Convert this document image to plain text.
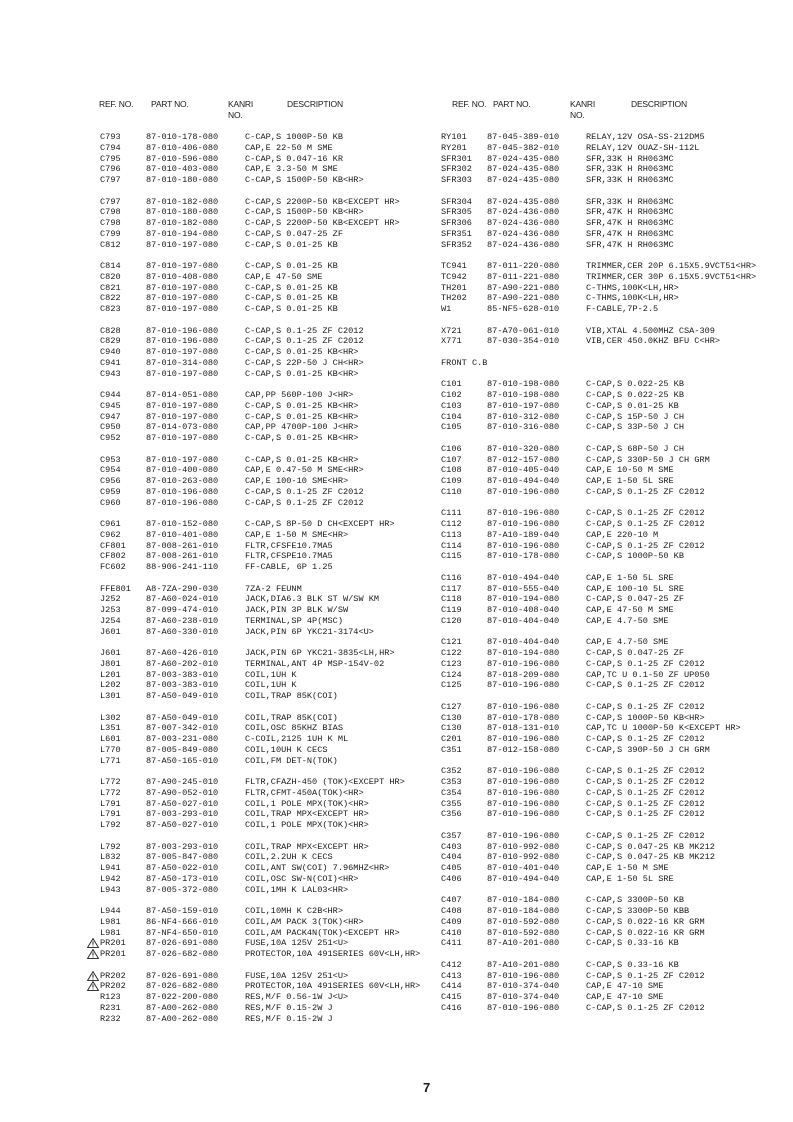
REF. NO. PART NO.	KANRI
NO.
DESCRIPTION	REF. NO. PART NO.	KANRI
NO.
DESCRIPTION
C793	87-010-178-080	C-CAP,S 1000P-50 KB
C794	87-010-406-080	CAP,E 22-50 M SME
C795	87-010-596-080	C-CAP,S 0.047-16 KR
C796	87-010-403-080	CAP,E 3.3-50 M SME
C797	87-010-180-080	C-CAP,S 1500P-50 KB<HR>
C797	87-010-182-080	C-CAP,S 2200P-50 KB<EXCEPT HR>
C798	87-010-180-080	C-CAP,S 1500P-50 KB<HR>
C798	87-010-182-080	C-CAP,S 2200P-50 KB<EXCEPT HR>
C799	87-010-194-080	C-CAP,S 0.047-25 ZF
C812	87-010-197-080	C-CAP,S 0.01-25 KB
C814	87-010-197-080	C-CAP,S 0.01-25 KB
C820	87-010-408-080	CAP,E 47-50 SME
C821	87-010-197-080	C-CAP,S 0.01-25 KB
C822	87-010-197-080	C-CAP,S 0.01-25 KB
C823	87-010-197-080	C-CAP,S 0.01-25 KB
C828	87-010-196-080	C-CAP,S 0.1-25 ZF C2012
C829	87-010-196-080	C-CAP,S 0.1-25 ZF C2012
C940	87-010-197-080	C-CAP,S 0.01-25 KB<HR>
C941	87-010-314-080	C-CAP,S 22P-50 J CH<HR>
C943	87-010-197-080	C-CAP,S 0.01-25 KB<HR>
C944	87-014-051-080	CAP,PP 560P-100 J<HR>
C945	87-010-197-080	C-CAP,S 0.01-25 KB<HR>
C947	87-010-197-080	C-CAP,S 0.01-25 KB<HR>
C950	87-014-073-080	CAP,PP 4700P-100 J<HR>
C952	87-010-197-080	C-CAP,S 0.01-25 KB<HR>
C953	87-010-197-080	C-CAP,S 0.01-25 KB<HR>
C954	87-010-400-080	CAP,E 0.47-50 M SME<HR>
C956	87-010-263-080	CAP,E 100-10 SME<HR>
C959	87-010-196-080	C-CAP,S 0.1-25 ZF C2012
C960	87-010-196-080	C-CAP,S 0.1-25 ZF C2012
C961	87-010-152-080	C-CAP,S 8P-50 D CH<EXCEPT HR>
C962	87-010-401-080	CAP,E 1-50 M SME<HR>
CF801 87-008-261-010	FLTR,CFSFE10.7MA5
CF802 87-008-261-010	FLTR,CFSPE10.7MA5
FC602 88-906-241-110	FF-CABLE, 6P 1.25
FFE801 A8-7ZA-290-030	7ZA-2 FEUNM
J252	87-A60-024-010	JACK,DIA6.3 BLK ST W/SW KM
J253	87-099-474-010	JACK,PIN 3P BLK W/SW
J254	87-A60-238-010	TERMINAL,SP 4P(MSC)
J601	87-A60-330-010	JACK,PIN 6P YKC21-3174<U>
J601	87-A60-426-010	JACK,PIN 6P YKC21-3835<LH,HR>
J801	87-A60-202-010	TERMINAL,ANT 4P MSP-154V-02
L201	87-003-383-010	COIL,1UH K
L202	87-003-383-010	COIL,1UH K
L301	87-A50-049-010	COIL,TRAP 85K(COI)
L302	87-A50-049-010	COIL,TRAP 85K(COI)
L351	87-007-342-010	COIL,OSC 85KHZ BIAS
L601	87-003-231-080	C-COIL,2125 1UH K ML
L770	87-005-849-080	COIL,10UH K CECS
L771	87-A50-165-010	COIL,FM DET-N(TOK)
L772	87-A90-245-010	FLTR,CFAZH-450 (TOK)<EXCEPT HR>
L772	87-A90-052-010	FLTR,CFMT-450A(TOK)<HR>
L791	87-A50-027-010	COIL,1 POLE MPX(TOK)<HR>
L791	87-003-293-010	COIL,TRAP MPX<EXCEPT HR>
L792	87-A50-027-010	COIL,1 POLE MPX(TOK)<HR>
L792	87-003-293-010	COIL,TRAP MPX<EXCEPT HR>
L832	87-005-847-080	COIL,2.2UH K CECS
L941	87-A50-022-010	COIL,ANT SW(COI) 7.96MHZ<HR>
L942	87-A50-173-010	COIL,OSC SW-N(COI)<HR>
L943	87-005-372-080	COIL,1MH K LAL03<HR>
L944	87-A50-159-010	COIL,10MH K C2B<HR>
L981	86-NF4-666-010	COIL,AM PACK 3(TOK)<HR>
L981	87-NF4-650-010	COIL,AM PACK4N(TOK)<EXCEPT HR>
PR201 87-026-691-080	FUSE,10A 125V 251<U>
PR201 87-026-682-080	PROTECTOR,10A 491SERIES 60V<LH,HR>
PR202 87-026-691-080	FUSE,10A 125V 251<U>
PR202 87-026-682-080	PROTECTOR,10A 491SERIES 60V<LH,HR>
R123	87-022-200-080	RES,M/F 0.56-1W J<U>
R231	87-A00-262-080	RES,M/F 0.15-2W J
R232	87-A00-262-080	RES,M/F 0.15-2W J
RY101 87-045-389-010	RELAY,12V OSA-SS-212DM5
RY201 87-045-382-010	RELAY,12V OUAZ-SH-112L
SFR301 87-024-435-080	SFR,33K H RH063MC
SFR302 87-024-435-080	SFR,33K H RH063MC
SFR303 87-024-435-080	SFR,33K H RH063MC
SFR304 87-024-435-080	SFR,33K H RH063MC
SFR305 87-024-436-080	SFR,47K H RH063MC
SFR306 87-024-436-080	SFR,47K H RH063MC
SFR351 87-024-436-080	SFR,47K H RH063MC
SFR352 87-024-436-080	SFR,47K H RH063MC
TC941 87-011-220-080	TRIMMER,CER 20P 6.15X5.9VCT51<HR>
TC942 87-011-221-080	TRIMMER,CER 30P 6.15X5.9VCT51<HR>
TH201 87-A90-221-080	C-THMS,100K<LH,HR>
TH202 87-A90-221-080	C-THMS,100K<LH,HR>
W1	85-NF5-628-010	F-CABLE,7P-2.5
X721	87-A70-061-010	VIB,XTAL 4.500MHZ CSA-309
X771	87-030-354-010	VIB,CER 450.0KHZ BFU C<HR>
FRONT C.B
C101	87-010-198-080	C-CAP,S 0.022-25 KB
C102	87-010-198-080	C-CAP,S 0.022-25 KB
C103	87-010-197-080	C-CAP,S 0.01-25 KB
C104	87-010-312-080	C-CAP,S 15P-50 J CH
C105	87-010-316-080	C-CAP,S 33P-50 J CH
C106	87-010-320-080	C-CAP,S 68P-50 J CH
C107	87-012-157-080	C-CAP,S 330P-50 J CH GRM
C108	87-010-405-040	CAP,E 10-50 M SME
C109	87-010-494-040	CAP,E 1-50 5L SRE
C110	87-010-196-080	C-CAP,S 0.1-25 ZF C2012
C111	87-010-196-080	C-CAP,S 0.1-25 ZF C2012
C112	87-010-196-080	C-CAP,S 0.1-25 ZF C2012
C113	87-A10-189-040	CAP,E 220-10 M
C114	87-010-196-080	C-CAP,S 0.1-25 ZF C2012
C115	87-010-178-080	C-CAP,S 1000P-50 KB
C116	87-010-494-040	CAP,E 1-50 5L SRE
C117	87-010-555-040	CAP,E 100-10 5L SRE
C118	87-010-194-080	C-CAP,S 0.047-25 ZF
C119	87-010-408-040	CAP,E 47-50 M SME
C120	87-010-404-040	CAP,E 4.7-50 SME
C121	87-010-404-040	CAP,E 4.7-50 SME
C122	87-010-194-080	C-CAP,S 0.047-25 ZF
C123	87-010-196-080	C-CAP,S 0.1-25 ZF C2012
C124	87-018-209-080	CAP,TC U 0.1-50 ZF UP050
C125	87-010-196-080	C-CAP,S 0.1-25 ZF C2012
C127	87-010-196-080	C-CAP,S 0.1-25 ZF C2012
C130	87-010-178-080	C-CAP,S 1000P-50 KB<HR>
C130	87-018-131-010	CAP,TC U 1000P-50 K<EXCEPT HR>
C201	87-010-196-080	C-CAP,S 0.1-25 ZF C2012
C351	87-012-158-080	C-CAP,S 390P-50 J CH GRM
C352	87-010-196-080	C-CAP,S 0.1-25 ZF C2012
C353	87-010-196-080	C-CAP,S 0.1-25 ZF C2012
C354	87-010-196-080	C-CAP,S 0.1-25 ZF C2012
C355	87-010-196-080	C-CAP,S 0.1-25 ZF C2012
C356	87-010-196-080	C-CAP,S 0.1-25 ZF C2012
C357	87-010-196-080	C-CAP,S 0.1-25 ZF C2012
C403	87-010-992-080	C-CAP,S 0.047-25 KB MK212
C404	87-010-992-080	C-CAP,S 0.047-25 KB MK212
C405	87-010-401-040	CAP,E 1-50 M SME
C406	87-010-494-040	CAP,E 1-50 5L SRE
C407	87-010-184-080	C-CAP,S 3300P-50 KB
C408	87-010-184-080	C-CAP,S 3300P-50 KBB
C409	87-010-592-080	C-CAP,S 0.022-16 KR GRM
C410	87-010-592-080	C-CAP,S 0.022-16 KR GRM
C411	87-A10-201-080	C-CAP,S 0.33-16 KB
C412	87-A10-201-080	C-CAP,S 0.33-16 KB
C413	87-010-196-080	C-CAP,S 0.1-25 ZF C2012
C414	87-010-374-040	CAP,E 47-10 SME
C415	87-010-374-040	CAP,E 47-10 SME
C416	87-010-196-080	C-CAP,S 0.1-25 ZF C2012
7
